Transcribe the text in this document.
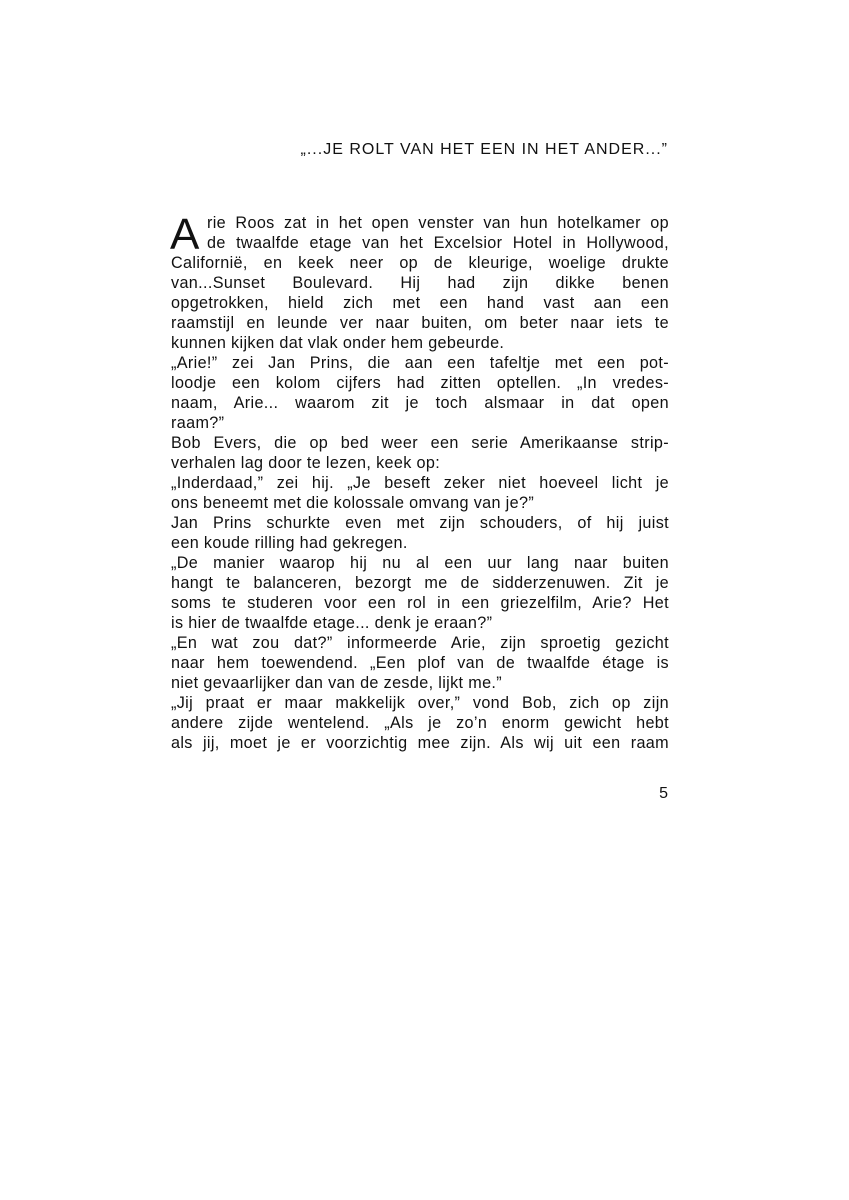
„...JE ROLT VAN HET EEN IN HET ANDER...”
A rie Roos zat in het open venster van hun hotelkamer op
de twaalfde etage van het Excelsior Hotel in Hollywood,
Californië, en keek neer op de kleurige, woelige drukte
van...Sunset Boulevard. Hij had zijn dikke benen
opgetrokken, hield zich met een hand vast aan een
raamstijl en leunde ver naar buiten, om beter naar iets te
kunnen kijken dat vlak onder hem gebeurde.
„Arie!” zei Jan Prins, die aan een tafeltje met een pot-
loodje een kolom cijfers had zitten optellen. „In vredes-
naam, Arie... waarom zit je toch alsmaar in dat open
raam?”
Bob Evers, die op bed weer een serie Amerikaanse strip-
verhalen lag door te lezen, keek op:
„Inderdaad,” zei hij. „Je beseft zeker niet hoeveel licht je
ons beneemt met die kolossale omvang van je?”
Jan Prins schurkte even met zijn schouders, of hij juist
een koude rilling had gekregen.
„De manier waarop hij nu al een uur lang naar buiten
hangt te balanceren, bezorgt me de sidderzenuwen. Zit je
soms te studeren voor een rol in een griezelfilm, Arie? Het
is hier de twaalfde etage... denk je eraan?”
„En wat zou dat?” informeerde Arie, zijn sproetig gezicht
naar hem toewendend. „Een plof van de twaalfde étage is
niet gevaarlijker dan van de zesde, lijkt me.”
„Jij praat er maar makkelijk over,” vond Bob, zich op zijn
andere zijde wentelend. „Als je zo’n enorm gewicht hebt
als jij, moet je er voorzichtig mee zijn. Als wij uit een raam
5
